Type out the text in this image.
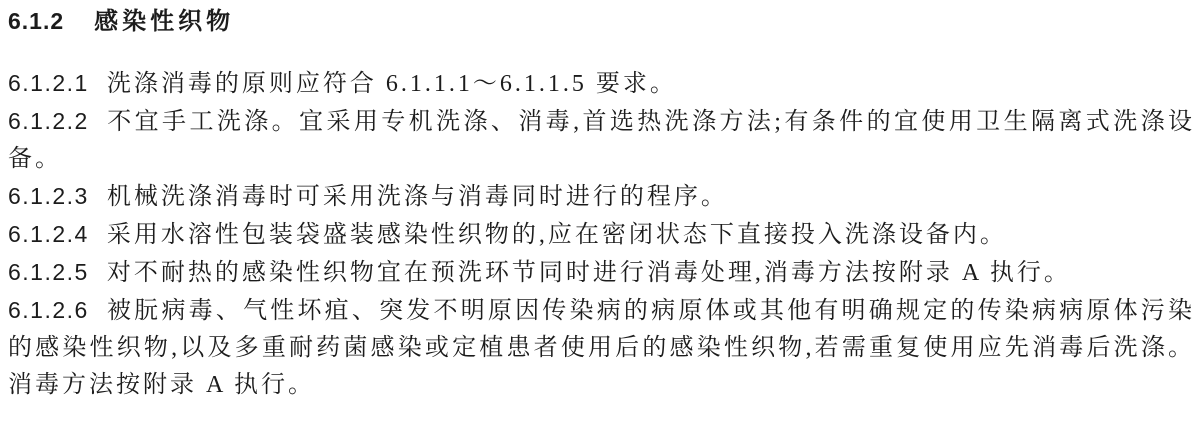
6.1.2 感染性织物

6.1.2.1 洗涤消毒的原则应符合 6.1.1.1～6.1.1.5 要求。

6.1.2.2 不宜手工洗涤。宜采用专机洗涤、消毒,首选热洗涤方法;有条件的宜使用卫生隔离式洗涤设备。

6.1.2.3 机械洗涤消毒时可采用洗涤与消毒同时进行的程序。

6.1.2.4 采用水溶性包装袋盛装感染性织物的,应在密闭状态下直接投入洗涤设备内。

6.1.2.5 对不耐热的感染性织物宜在预洗环节同时进行消毒处理,消毒方法按附录 A 执行。

6.1.2.6 被朊病毒、气性坏疽、突发不明原因传染病的病原体或其他有明确规定的传染病病原体污染的感染性织物,以及多重耐药菌感染或定植患者使用后的感染性织物,若需重复使用应先消毒后洗涤。消毒方法按附录 A 执行。
